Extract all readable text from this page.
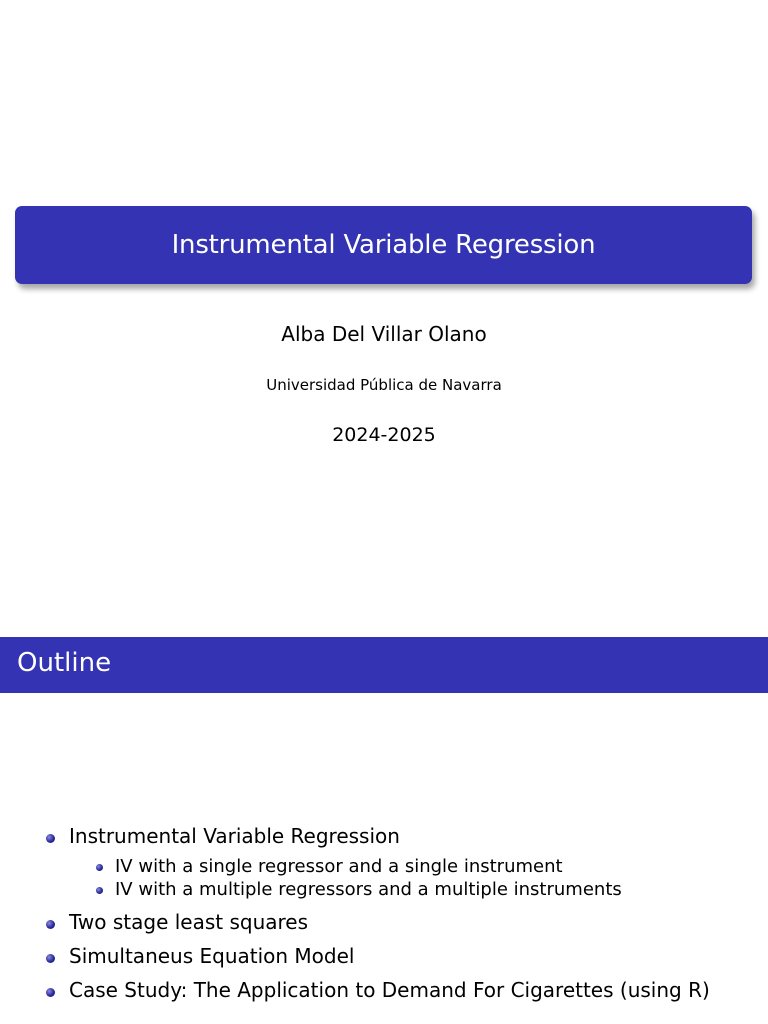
Instrumental Variable Regression
Alba Del Villar Olano
Universidad Pública de Navarra
2024-2025
Outline
Instrumental Variable Regression
IV with a single regressor and a single instrument
IV with a multiple regressors and a multiple instruments
Two stage least squares
Simultaneus Equation Model
Case Study: The Application to Demand For Cigarettes (using R)
